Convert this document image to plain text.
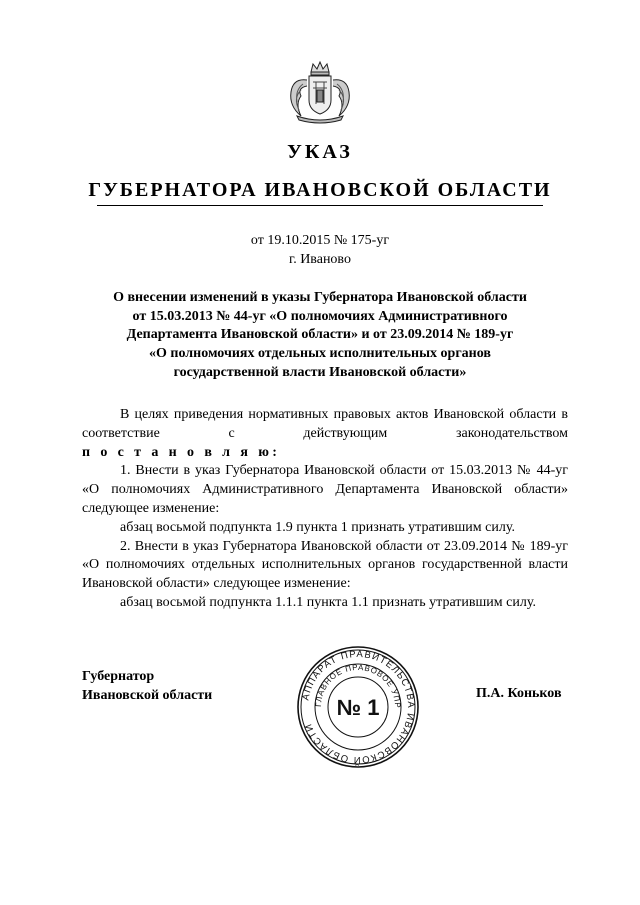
УКАЗ
ГУБЕРНАТОРА ИВАНОВСКОЙ ОБЛАСТИ
от 19.10.2015 № 175-уг
г. Иваново
О внесении изменений в указы Губернатора Ивановской области
от 15.03.2013 № 44-уг «О полномочиях Административного
Департамента Ивановской области» и от 23.09.2014 № 189-уг
«О полномочиях отдельных исполнительных органов
государственной власти Ивановской области»

В целях приведения нормативных правовых актов Ивановской области в соответствие с действующим законодательством

п о с т а н о в л я ю:

1. Внести в указ Губернатора Ивановской области от 15.03.2013 № 44-уг «О полномочиях Административного Департамента Ивановской области» следующее изменение:

абзац восьмой подпункта 1.9 пункта 1 признать утратившим силу.

2. Внести в указ Губернатора Ивановской области от 23.09.2014 № 189-уг «О полномочиях отдельных исполнительных органов государственной власти Ивановской области» следующее изменение:

абзац восьмой подпункта 1.1.1 пункта 1.1 признать утратившим силу.

Губернатор
Ивановской области	П.А. Коньков
АППАРАТ ПРАВИТЕЛЬСТВА ИВАНОВСКОЙ ОБЛАСТИ
ГЛАВНОЕ ПРАВОВОЕ УПР
№ 1
